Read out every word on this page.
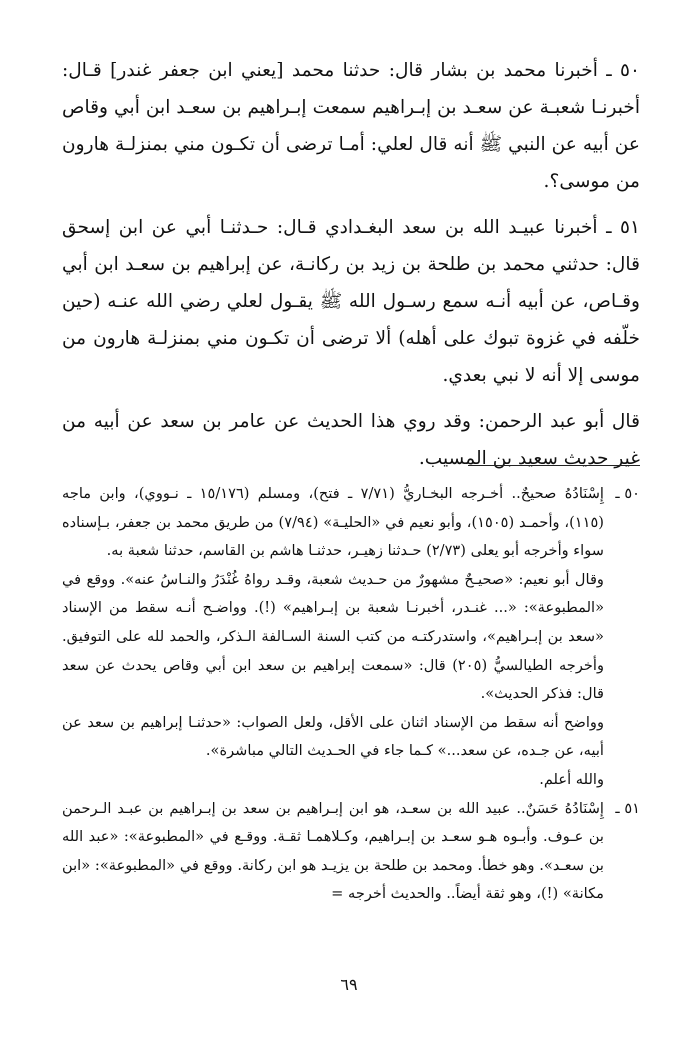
٥٠ ـ أخبرنا محمد بن بشار قال: حدثنا محمد [يعني ابن جعفر غندر] قـال: أخبرنـا شعبـة عن سعـد بن إبـراهيم سمعت إبـراهيم بن سعـد ابن أبي وقاص عن أبيه عن النبي ﷺ أنه قال لعلي: أمـا ترضى أن تكـون مني بمنزلـة هارون من موسى؟.

٥١ ـ أخبرنا عبيـد الله بن سعد البغـدادي قـال: حـدثنـا أبي عن ابن إسحق قال: حدثني محمد بن طلحة بن زيد بن ركانـة، عن إبراهيم بن سعـد ابن أبي وقـاص، عن أبيه أنـه سمع رسـول الله ﷺ يقـول لعلي رضي الله عنـه (حين خلّفه في غزوة تبوك على أهله) ألا ترضى أن تكـون مني بمنزلـة هارون من موسى إلا أنه لا نبي بعدي.

قال أبو عبد الرحمن: وقد روي هذا الحديث عن عامر بن سعد عن أبيه من غير حديث سعيد بن المسيب.

٥٠ ـ

إِسْنَادُهُ صحيحٌ.. أخـرجه البخـاريُّ (٧/٧١ ـ فتح)، ومسلم (١٥/١٧٦ ـ نـووي)، وابن ماجه (١١٥)، وأحمـد (١٥٠٥)، وأبو نعيم في «الحليـة» (٧/٩٤) من طريق محمد بن جعفر، بـإسناده سواء وأخرجه أبو يعلى (٢/٧٣) حـدثنا زهيـر، حدثنـا هاشم بن القاسم، حدثنا شعبة به.

وقال أبو نعيم: «صحيـحٌ مشهورٌ من حـديث شعبة، وقـد رواهُ غُنْدَرُ والنـاسُ عنه». ووقع في «المطبوعة»: «... غنـدر، أخبرنـا شعبة بن إبـراهيم» (!). وواضـح أنـه سقط من الإسناد «سعد بن إبـراهيم»، واستدركتـه من كتب السنة السـالفة الـذكر، والحمد لله على التوفيق. وأخرجه الطيالسيُّ (٢٠٥) قال: «سمعت إبراهيم بن سعد ابن أبي وقاص يحدث عن سعد قال: فذكر الحديث».

وواضح أنه سقط من الإسناد اثنان على الأقل، ولعل الصواب: «حدثنـا إبراهيم بن سعد عن أبيه، عن جـده، عن سعد...» كـما جاء في الحـديث التالي مباشرة».

والله أعلم.

٥١ ـ

إِسْنَادُهُ حَسَنٌ.. عبيد الله بن سعـد، هو ابن إبـراهيم بن سعد بن إبـراهيم بن عبـد الـرحمن بن عـوف. وأبـوه هـو سعـد بن إبـراهيم، وكـلاهمـا ثقـة. ووقـع في «المطبوعة»: «عبد الله بن سعـد». وهو خطأ. ومحمد بن طلحة بن يزيـد هو ابن ركانة. ووقع في «المطبوعة»: «ابن مكانة» (!)، وهو ثقة أيضاً.. والحديث أخرجه =

٦٩
